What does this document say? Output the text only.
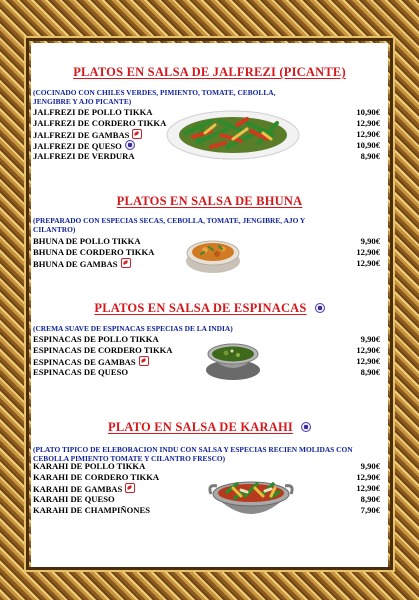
PLATOS EN SALSA DE JALFREZI (PICANTE)
(COCINADO CON CHILES VERDES, PIMIENTO, TOMATE, CEBOLLA, JENGIBRE Y AJO PICANTE)
JALFREZI DE POLLO TIKKA	10,90€
JALFREZI DE CORDERO TIKKA	12,90€
JALFREZI DE GAMBAS	12,90€
JALFREZI DE QUESO	10,90€
JALFREZI DE VERDURA	8,90€
PLATOS EN SALSA DE BHUNA
(PREPARADO CON ESPECIAS SECAS, CEBOLLA, TOMATE, JENGIBRE, AJO Y CILANTRO)
BHUNA DE POLLO TIKKA	9,90€
BHUNA DE CORDERO TIKKA	12,90€
BHUNA DE GAMBAS	12,90€
PLATOS EN SALSA DE ESPINACAS
(CREMA SUAVE DE ESPINACAS ESPECIAS DE LA INDIA)
ESPINACAS DE POLLO TIKKA	9,90€
ESPINACAS DE CORDERO TIKKA	12,90€
ESPINACAS DE GAMBAS	12,90€
ESPINACAS DE QUESO	8,90€
PLATO EN SALSA DE KARAHI
(PLATO TIPICO DE ELEBORACION INDU CON SALSA Y ESPECIAS RECIEN MOLIDAS CON CEBOLLA PIMIENTO TOMATE Y CILANTRO FRESCO)
KARAHI DE POLLO TIKKA	9,90€
KARAHI DE CORDERO TIKKA	12,90€
KARAHI DE GAMBAS	12,90€
KARAHI DE QUESO	8,90€
KARAHI DE CHAMPIÑONES	7,90€
